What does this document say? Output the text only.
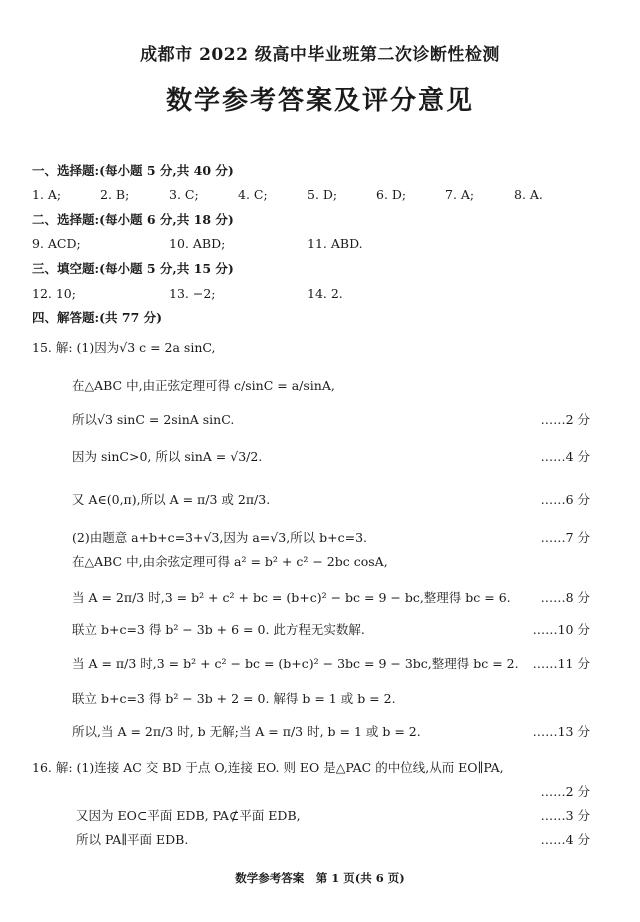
成都市 2022 级高中毕业班第二次诊断性检测
数学参考答案及评分意见
一、选择题:(每小题 5 分,共 40 分)
1. A;	2. B;	3. C;	4. C;	5. D;	6. D;	7. A;	8. A.
二、选择题:(每小题 6 分,共 18 分)
9. ACD;	10. ABD;	11. ABD.
三、填空题:(每小题 5 分,共 15 分)
12. 10;	13. −2;	14. 2.
四、解答题:(共 77 分)
15. 解: (1)因为√3 c = 2a sinC,
在△ABC 中,由正弦定理可得 c/sinC = a/sinA,
所以√3 sinC = 2sinA sinC.	……2 分
因为 sinC>0, 所以 sinA = √3/2.	……4 分
又 A∈(0,π),所以 A = π/3 或 2π/3.	……6 分
(2)由题意 a+b+c=3+√3,因为 a=√3,所以 b+c=3.	……7 分
在△ABC 中,由余弦定理可得 a² = b² + c² − 2bc cosA,
当 A = 2π/3 时,3 = b² + c² + bc = (b+c)² − bc = 9 − bc,整理得 bc = 6. ……8 分
联立 b+c=3 得 b² − 3b + 6 = 0. 此方程无实数解.	……10 分
当 A = π/3 时,3 = b² + c² − bc = (b+c)² − 3bc = 9 − 3bc,整理得 bc = 2. ……11 分
联立 b+c=3 得 b² − 3b + 2 = 0. 解得 b = 1 或 b = 2.
所以,当 A = 2π/3 时, b 无解;当 A = π/3 时, b = 1 或 b = 2.	……13 分
16. 解: (1)连接 AC 交 BD 于点 O,连接 EO. 则 EO 是△PAC 的中位线,从而 EO∥PA,
……2 分
又因为 EO⊂平面 EDB, PA⊄平面 EDB,	……3 分
所以 PA∥平面 EDB.	……4 分
数学参考答案　第 1 页(共 6 页)
